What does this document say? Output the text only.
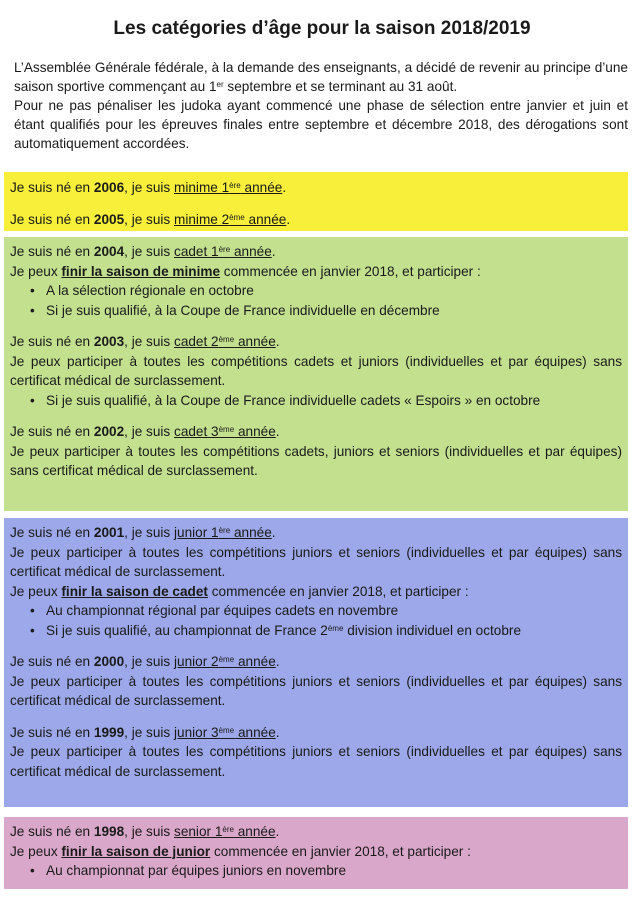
Les catégories d’âge pour la saison 2018/2019

L’Assemblée Générale fédérale, à la demande des enseignants, a décidé de revenir au principe d’une saison sportive commençant au 1er septembre et se terminant au 31 août.

Pour ne pas pénaliser les judoka ayant commencé une phase de sélection entre janvier et juin et étant qualifiés pour les épreuves finales entre septembre et décembre 2018, des dérogations sont automatiquement accordées.

Je suis né en 2006, je suis minime 1ère année.

Je suis né en 2005, je suis minime 2ème année.

Je suis né en 2004, je suis cadet 1ère année.

Je peux finir la saison de minime commencée en janvier 2018, et participer :

• A la sélection régionale en octobre
• Si je suis qualifié, à la Coupe de France individuelle en décembre

Je suis né en 2003, je suis cadet 2ème année.

Je peux participer à toutes les compétitions cadets et juniors (individuelles et par équipes) sans certificat médical de surclassement.

• Si je suis qualifié, à la Coupe de France individuelle cadets « Espoirs » en octobre

Je suis né en 2002, je suis cadet 3ème année.

Je peux participer à toutes les compétitions cadets, juniors et seniors (individuelles et par équipes) sans certificat médical de surclassement.

Je suis né en 2001, je suis junior 1ère année.

Je peux participer à toutes les compétitions juniors et seniors (individuelles et par équipes) sans certificat médical de surclassement.

Je peux finir la saison de cadet commencée en janvier 2018, et participer :

• Au championnat régional par équipes cadets en novembre
• Si je suis qualifié, au championnat de France 2ème division individuel en octobre

Je suis né en 2000, je suis junior 2ème année.

Je peux participer à toutes les compétitions juniors et seniors (individuelles et par équipes) sans certificat médical de surclassement.

Je suis né en 1999, je suis junior 3ème année.

Je peux participer à toutes les compétitions juniors et seniors (individuelles et par équipes) sans certificat médical de surclassement.

Je suis né en 1998, je suis senior 1ère année.

Je peux finir la saison de junior commencée en janvier 2018, et participer :

• Au championnat par équipes juniors en novembre
